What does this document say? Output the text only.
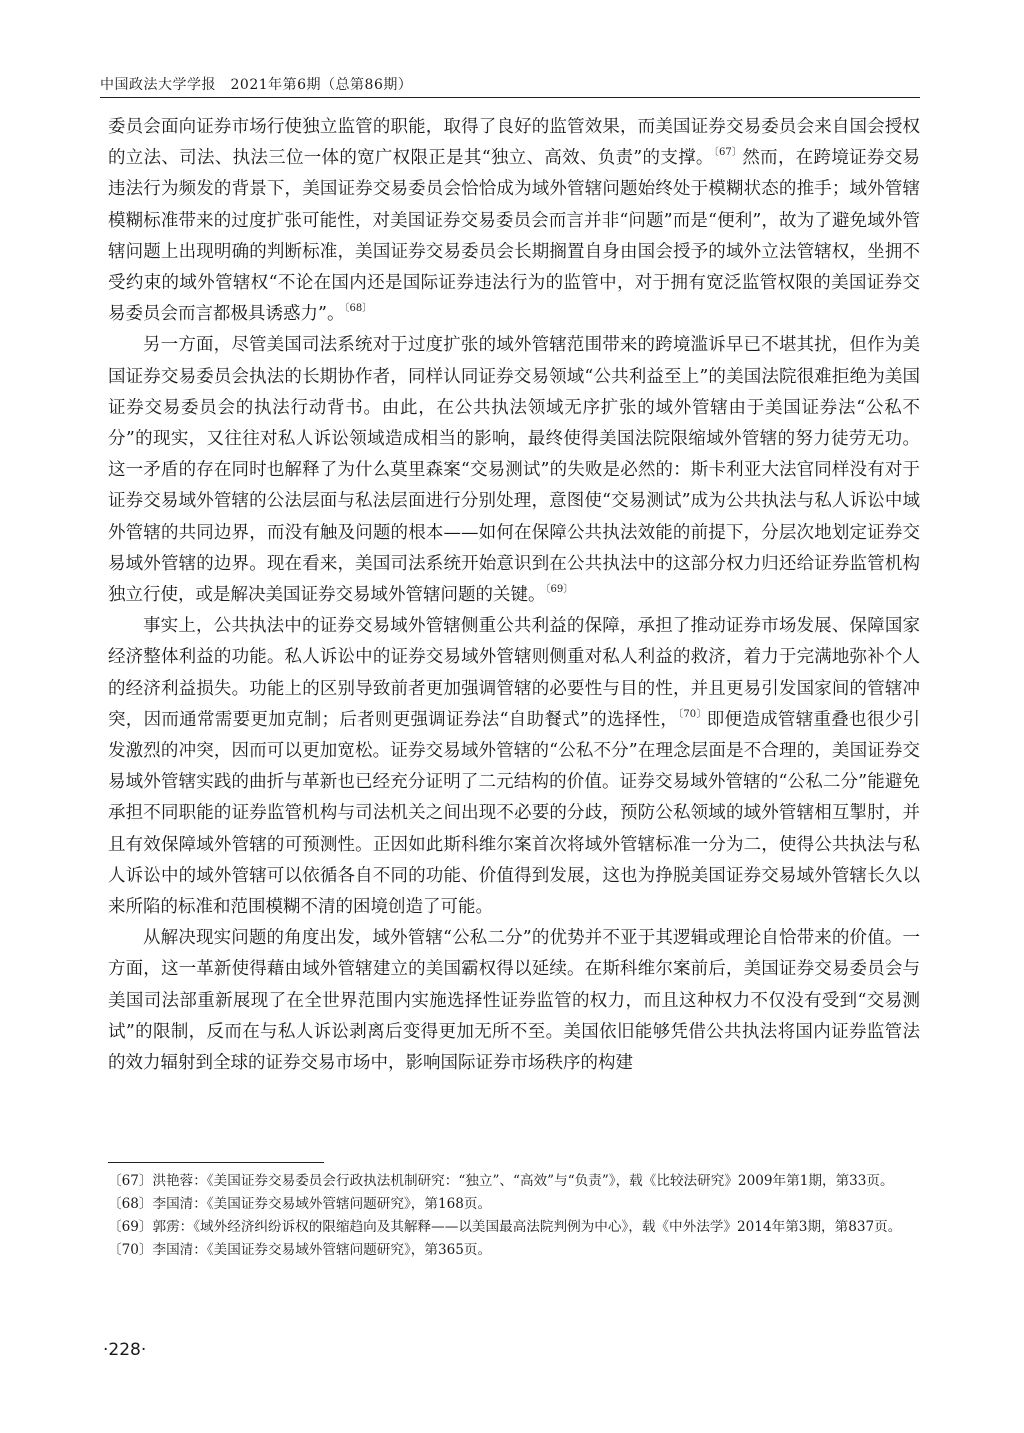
中国政法大学学报　2021年第6期（总第86期）

委员会面向证券市场行使独立监管的职能，取得了良好的监管效果，而美国证券交易委员会来自国会授权的立法、司法、执法三位一体的宽广权限正是其“独立、高效、负责”的支撑。$^{〔67〕}$然而，在跨境证券交易违法行为频发的背景下，美国证券交易委员会恰恰成为域外管辖问题始终处于模糊状态的推手；域外管辖模糊标准带来的过度扩张可能性，对美国证券交易委员会而言并非“问题”而是“便利”，故为了避免域外管辖问题上出现明确的判断标准，美国证券交易委员会长期搁置自身由国会授予的域外立法管辖权，坐拥不受约束的域外管辖权“不论在国内还是国际证券违法行为的监管中，对于拥有宽泛监管权限的美国证券交易委员会而言都极具诱惑力”。$^{〔68〕}$

另一方面，尽管美国司法系统对于过度扩张的域外管辖范围带来的跨境滥诉早已不堪其扰，但作为美国证券交易委员会执法的长期协作者，同样认同证券交易领域“公共利益至上”的美国法院很难拒绝为美国证券交易委员会的执法行动背书。由此，在公共执法领域无序扩张的域外管辖由于美国证券法“公私不分”的现实，又往往对私人诉讼领域造成相当的影响，最终使得美国法院限缩域外管辖的努力徒劳无功。这一矛盾的存在同时也解释了为什么莫里森案“交易测试”的失败是必然的：斯卡利亚大法官同样没有对于证券交易域外管辖的公法层面与私法层面进行分别处理，意图使“交易测试”成为公共执法与私人诉讼中域外管辖的共同边界，而没有触及问题的根本——如何在保障公共执法效能的前提下，分层次地划定证券交易域外管辖的边界。现在看来，美国司法系统开始意识到在公共执法中的这部分权力归还给证券监管机构独立行使，或是解决美国证券交易域外管辖问题的关键。$^{〔69〕}$

事实上，公共执法中的证券交易域外管辖侧重公共利益的保障，承担了推动证券市场发展、保障国家经济整体利益的功能。私人诉讼中的证券交易域外管辖则侧重对私人利益的救济，着力于完满地弥补个人的经济利益损失。功能上的区别导致前者更加强调管辖的必要性与目的性，并且更易引发国家间的管辖冲突，因而通常需要更加克制；后者则更强调证券法“自助餐式”的选择性，$^{〔70〕}$即便造成管辖重叠也很少引发激烈的冲突，因而可以更加宽松。证券交易域外管辖的“公私不分”在理念层面是不合理的，美国证券交易域外管辖实践的曲折与革新也已经充分证明了二元结构的价值。证券交易域外管辖的“公私二分”能避免承担不同职能的证券监管机构与司法机关之间出现不必要的分歧，预防公私领域的域外管辖相互掣肘，并且有效保障域外管辖的可预测性。正因如此斯科维尔案首次将域外管辖标准一分为二，使得公共执法与私人诉讼中的域外管辖可以依循各自不同的功能、价值得到发展，这也为挣脱美国证券交易域外管辖长久以来所陷的标准和范围模糊不清的困境创造了可能。

从解决现实问题的角度出发，域外管辖“公私二分”的优势并不亚于其逻辑或理论自恰带来的价值。一方面，这一革新使得藉由域外管辖建立的美国霸权得以延续。在斯科维尔案前后，美国证券交易委员会与美国司法部重新展现了在全世界范围内实施选择性证券监管的权力，而且这种权力不仅没有受到“交易测试”的限制，反而在与私人诉讼剥离后变得更加无所不至。美国依旧能够凭借公共执法将国内证券监管法的效力辐射到全球的证券交易市场中，影响国际证券市场秩序的构建

〔67〕洪艳蓉：《美国证券交易委员会行政执法机制研究：“独立”、“高效”与“负责”》，载《比较法研究》2009年第1期，第33页。
〔68〕李国清：《美国证券交易域外管辖问题研究》，第168页。
〔69〕郭雳：《域外经济纠纷诉权的限缩趋向及其解释——以美国最高法院判例为中心》，载《中外法学》2014年第3期，第837页。
〔70〕李国清：《美国证券交易域外管辖问题研究》，第365页。
·228·
